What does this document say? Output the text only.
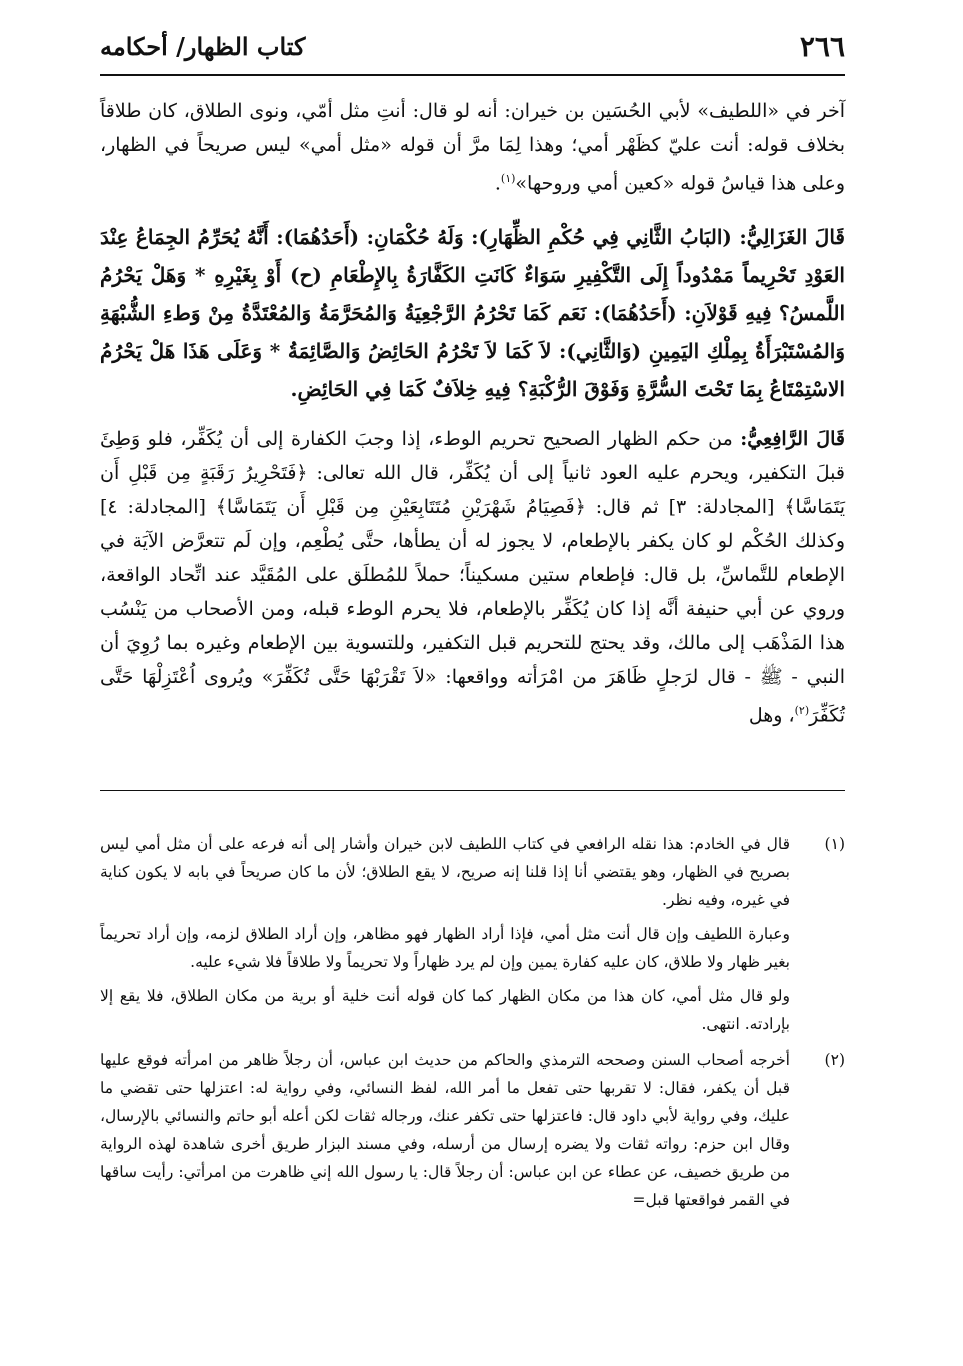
٢٦٦
كتاب الظهار/ أحكامه

آخر في «اللطيف» لأبي الحُسَين بن خيران: أنه لو قال: أنتِ مثل أمّي، ونوى الطلاق، كان طلاقاً بخلاف قوله: أنت عليّ كظَهْر أمي؛ وهذا لِمَا مرَّ أن قوله «مثل أمي» ليس صريحاً في الظهار، وعلى هذا قياسُ قوله «كعين أمي وروحها»$^{(١)}$.

قَالَ الغَزَالِيُّ: (البَابُ الثَّانِي فِي حُكْمِ الظِّهَارِ): وَلَهُ حُكْمَانِ: (أَحَدُهُمَا): أَنَّهُ يُحَرِّمُ الجِمَاعُ عِنْدَ العَوْدِ تَحْرِيماً مَمْدُوداً إِلَى التَّكْفِيرِ سَوَاءٌ كَانَتِ الكَفَّارَةُ بِالإِطْعَامِ (ح) أَوْ بِغَيْرِهِ * وَهَلْ يَحْرُمُ اللَّمسُ؟ فِيهِ قَوْلاَنِ: (أَحَدُهُمَا): نَعَم كَمَا تَحْرُمُ الرَّجْعِيَةُ وَالمُحَرَّمَةُ وَالمُعْتَدَّةُ مِنْ وَطءِ الشُّبْهَةِ وَالمُسْتَبْرَأَةُ بِمِلْكِ اليَمِينِ (وَالثَّانِي): لاَ كَمَا لاَ تَحْرُمُ الحَائِضُ وَالصَّائِمَةُ * وَعَلَى هَذَا هَلْ يَحْرُمُ الاسْتِمْتَاعُ بِمَا تَحْتَ السُّرَّةِ وَفَوْقَ الرُّكْبَةِ؟ فِيهِ خِلاَفٌ كَمَا فِي الحَائِضِ.

قَالَ الرَّافِعِيُّ: من حكم الظهار الصحيح تحريم الوطء، إذا وجبَ الكفارة إلى أن يُكَفِّر، فلو وَطِئَ قبلَ التكفير، ويحرم عليه العود ثانياً إلى أن يُكَفِّر، قال الله تعالى: ﴿فَتَحْرِيرُ رَقَبَةٍ مِن قَبْلِ أَن يَتَمَاسَّا﴾ [المجادلة: ٣] ثم قال: ﴿فَصِيَامُ شَهْرَيْنِ مُتَتَابِعَيْنِ مِن قَبْلِ أَن يَتَمَاسَّا﴾ [المجادلة: ٤] وكذلك الحُكْم لو كان يكفر بالإطعام، لا يجوز له أن يطأها، حتَّى يُطْعِم، وإن لَم تتعرَّض الآيَة في الإطعام للتَّماسِّ، بل قال: فإطعام ستين مسكيناً؛ حملاً للمُطلَق على المُقَيَّد عند اتِّحاد الواقعة، وروي عن أبي حنيفة أنَّه إذا كان يُكَفِّر بالإطعام، فلا يحرم الوطء قبله، ومن الأصحاب من يَنْسُب هذا المَذْهَب إلى مالك، وقد يحتج للتحريم قبل التكفير، وللتسوية بين الإطعام وغيره بما رُوِيَ أن النبي - ﷺ - قال لرَجلٍ ظَاهَرَ من امْرَأته وواقعها: «لاَ تَقْرَبْهَا حَتَّى تُكَفِّرَ» ويُروى اُعْتَزِلْهَا حَتَّى تُكَفِّرَ$^{(٢)}$، وهل

(١)

قال في الخادم: هذا نقله الرافعي في كتاب اللطيف لابن خيران وأشار إلى أنه فرعه على أن مثل أمي ليس بصريح في الظهار، وهو يقتضي أنا إذا قلنا إنه صريح، لا يقع الطلاق؛ لأن ما كان صريحاً في بابه لا يكون كناية في غيره، وفيه نظر.

وعبارة اللطيف وإن قال أنت مثل أمي، فإذا أراد الظهار فهو مظاهر، وإن أراد الطلاق لزمه، وإن أراد تحريماً بغير ظهار ولا طلاق، كان عليه كفارة يمين وإن لم يرد ظهاراً ولا تحريماً ولا طلاقاً فلا شيء عليه.

ولو قال مثل أمي، كان هذا من مكان الظهار كما كان قوله أنت خلية أو برية من مكان الطلاق، فلا يقع إلا بإرادته. انتهى.

(٢)

أخرجه أصحاب السنن وصححه الترمذي والحاكم من حديث ابن عباس، أن رجلاً ظاهر من امرأته فوقع عليها قبل أن يكفر، فقال: لا تقربها حتى تفعل ما أمر الله، لفظ النسائي، وفي رواية له: اعتزلها حتى تقضي ما عليك، وفي رواية لأبي داود قال: فاعتزلها حتى تكفر عنك، ورجاله ثقات لكن أعله أبو حاتم والنسائي بالإرسال، وقال ابن حزم: رواته ثقات ولا يضره إرسال من أرسله، وفي مسند البزار طريق أخرى شاهدة لهذه الرواية من طريق خصيف، عن عطاء عن ابن عباس: أن رجلاً قال: يا رسول الله إني ظاهرت من امرأتي: رأيت ساقها في القمر فواقعتها قبل=
